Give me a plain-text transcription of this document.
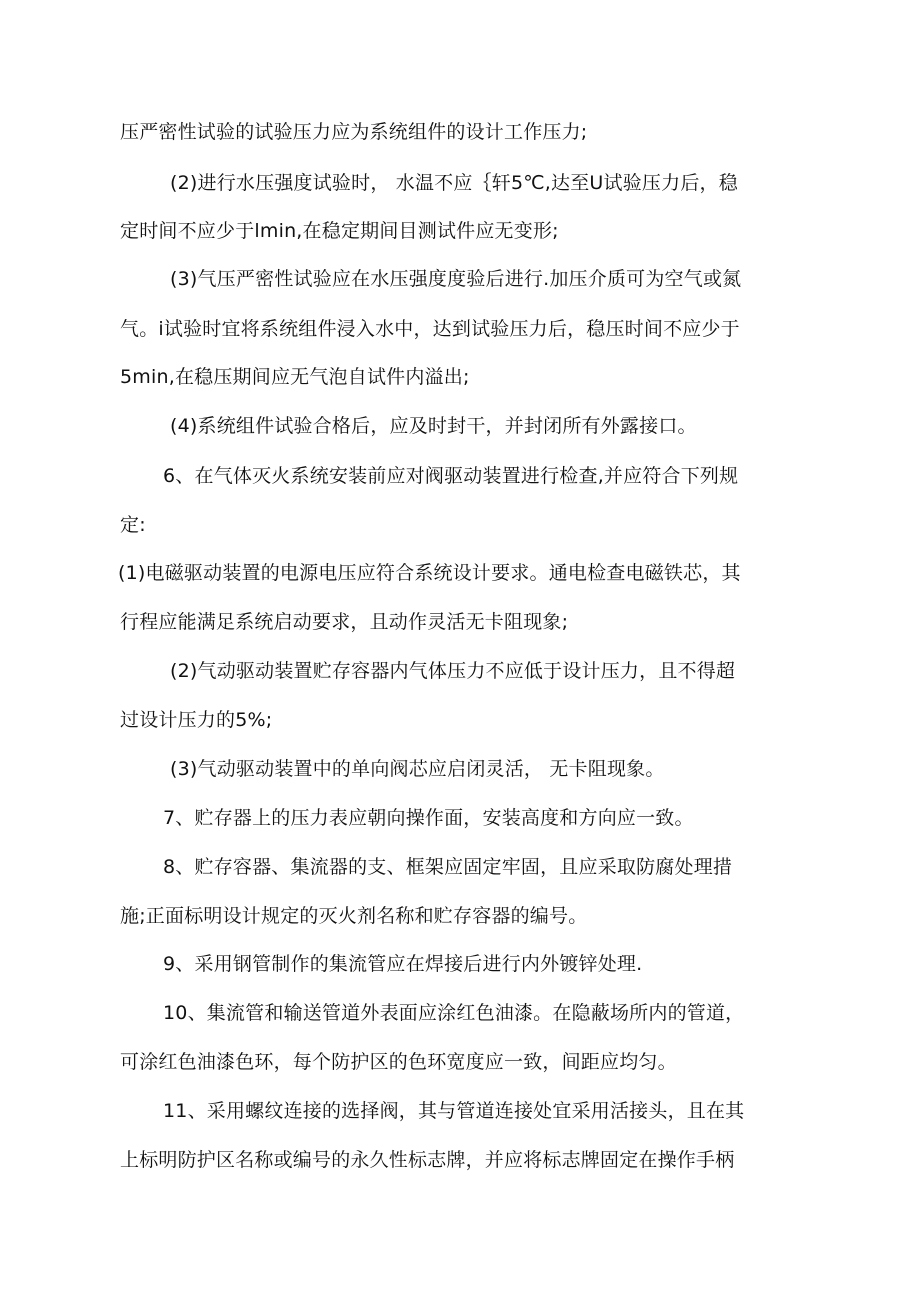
压严密性试验的试验压力应为系统组件的设计工作压力;
(2)进行水压强度试验时， 水温不应｛轩5℃,达至U试验压力后，稳
定时间不应少于lmin,在稳定期间目测试件应无变形;
(3)气压严密性试验应在水压强度度验后进行.加压介质可为空气或氮
气。i试验时宜将系统组件浸入水中，达到试验压力后，稳压时间不应少于
5min,在稳压期间应无气泡自试件内溢出;
(4)系统组件试验合格后，应及时封干，并封闭所有外露接口。
6、在气体灭火系统安装前应对阀驱动装置进行检查,并应符合下列规
定:
(1)电磁驱动装置的电源电压应符合系统设计要求。通电检查电磁铁芯，其
行程应能满足系统启动要求，且动作灵活无卡阻现象;
(2)气动驱动装置贮存容器内气体压力不应低于设计压力，且不得超
过设计压力的5%;
(3)气动驱动装置中的单向阀芯应启闭灵活， 无卡阻现象。
7、贮存器上的压力表应朝向操作面，安装高度和方向应一致。
8、贮存容器、集流器的支、框架应固定牢固，且应采取防腐处理措
施;正面标明设计规定的灭火剂名称和贮存容器的编号。
9、采用钢管制作的集流管应在焊接后进行内外镀锌处理.
10、集流管和输送管道外表面应涂红色油漆。在隐蔽场所内的管道，
可涂红色油漆色环，每个防护区的色环宽度应一致，间距应均匀。
11、采用螺纹连接的选择阀，其与管道连接处宜采用活接头，且在其
上标明防护区名称或编号的永久性标志牌，并应将标志牌固定在操作手柄
